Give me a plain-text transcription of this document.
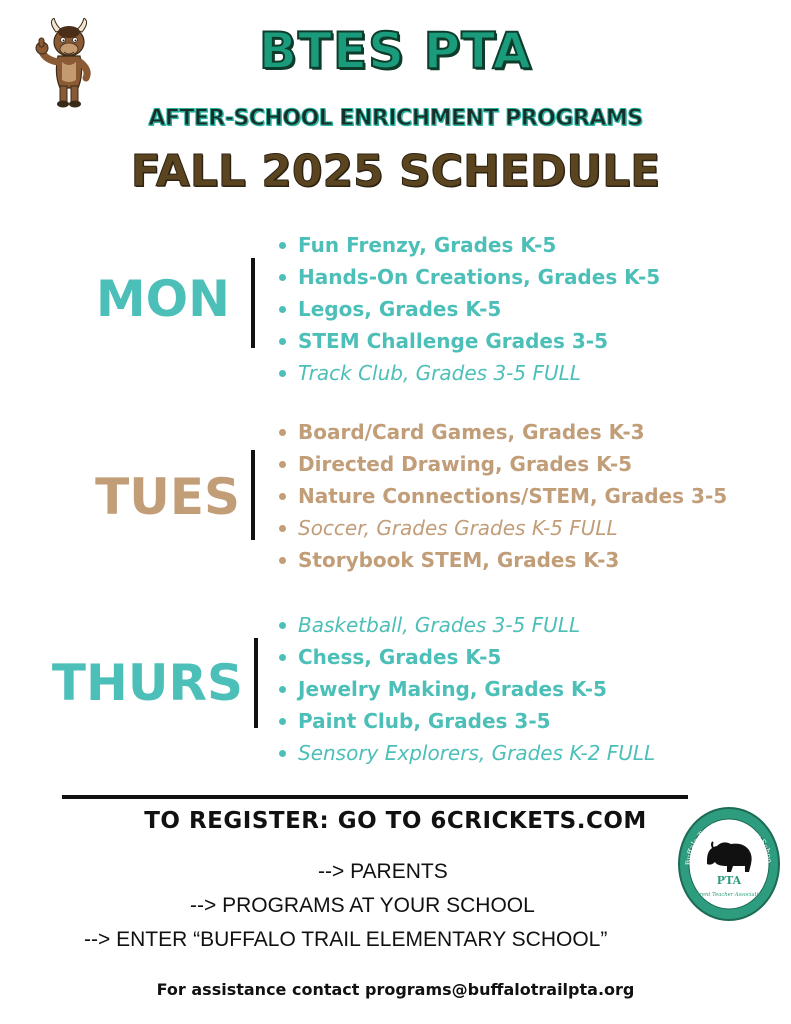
BTES PTA
AFTER-SCHOOL ENRICHMENT PROGRAMS
FALL 2025 SCHEDULE
MON
Fun Frenzy, Grades K-5
Hands-On Creations, Grades K-5
Legos, Grades K-5
STEM Challenge Grades 3-5
Track Club, Grades 3-5 FULL
TUES
Board/Card Games, Grades K-3
Directed Drawing, Grades K-5
Nature Connections/STEM, Grades 3-5
Soccer, Grades Grades K-5 FULL
Storybook STEM, Grades K-3
THURS
Basketball, Grades 3-5 FULL
Chess, Grades K-5
Jewelry Making, Grades K-5
Paint Club, Grades 3-5
Sensory Explorers, Grades K-2 FULL
TO REGISTER: GO TO 6CRICKETS.COM
--> PARENTS
--> PROGRAMS AT YOUR SCHOOL
--> ENTER “BUFFALO TRAIL ELEMENTARY SCHOOL”
For assistance contact programs@buffalotrailpta.org
Buffalo Trail Elementary Schoo
PTA
Parent Teacher Association
